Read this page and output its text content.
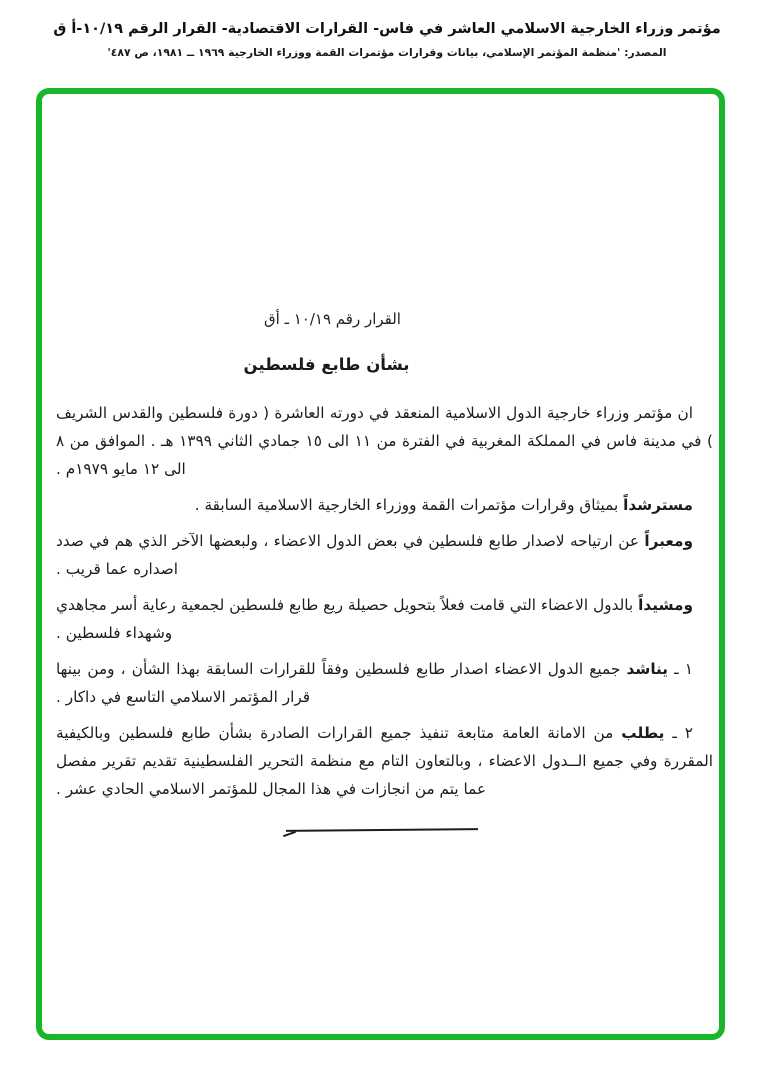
مؤتمر وزراء الخارجية الاسلامي العاشر في فاس- القرارات الاقتصادية- القرار الرقم ١٠/١٩-أ ق
المصدر: 'منظمة المؤتمر الإسلامي، بيانات وقرارات مؤتمرات القمة ووزراء الخارجية ١٩٦٩ ــ ١٩٨١، ص ٤٨٧'
القرار رقم ١٠/١٩ ـ أق
بشأن طابع فلسطين

ان مؤتمر وزراء خارجية الدول الاسلامية المنعقد في دورته العاشرة ( دورة فلسطين والقدس الشريف ) في مدينة فاس في المملكة المغربية في الفترة من ١١ الى ١٥ جمادي الثاني ١٣٩٩ هـ . الموافق من ٨ الى ١٢ مايو ١٩٧٩م .

مسترشداً بميثاق وقرارات مؤتمرات القمة ووزراء الخارجية الاسلامية السابقة .

ومعبراً عن ارتياحه لاصدار طابع فلسطين في بعض الدول الاعضاء ، ولبعضها الآخر الذي هم في صدد اصداره عما قريب .

ومشيداً بالدول الاعضاء التي قامت فعلاً بتحويل حصيلة ريع طابع فلسطين لجمعية رعاية أسر مجاهدي وشهداء فلسطين .

١ ـ يناشد جميع الدول الاعضاء اصدار طابع فلسطين وفقاً للقرارات السابقة بهذا الشأن ، ومن بينها قرار المؤتمر الاسلامي التاسع في داكار .

٢ ـ يطلب من الامانة العامة متابعة تنفيذ جميع القرارات الصادرة بشأن طابع فلسطين وبالكيفية المقررة وفي جميع الــدول الاعضاء ، وبالتعاون التام مع منظمة التحرير الفلسطينية تقديم تقرير مفصل عما يتم من انجازات في هذا المجال للمؤتمر الاسلامي الحادي عشر .
